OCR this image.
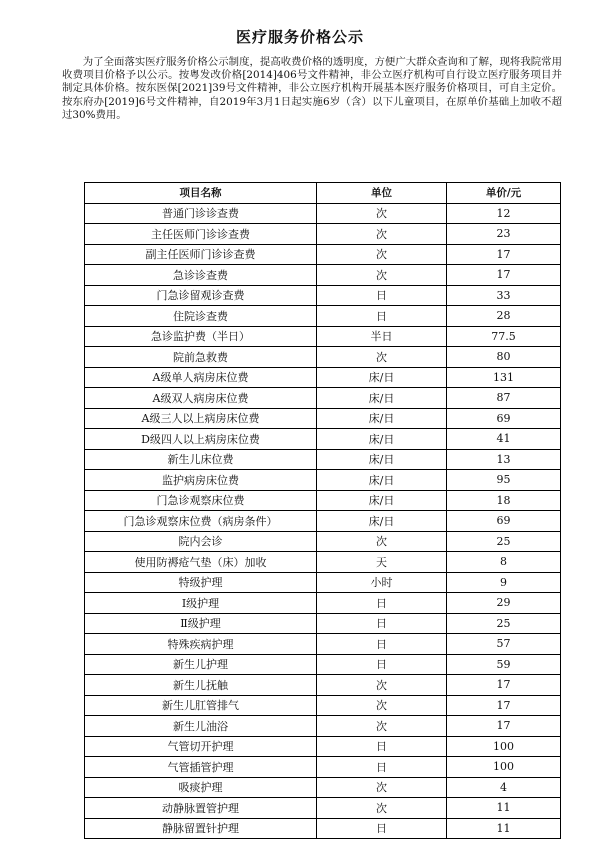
医疗服务价格公示

为了全面落实医疗服务价格公示制度，提高收费价格的透明度，方便广大群众查询和了解，现将我院常用收费项目价格予以公示。按粤发改价格[2014]406号文件精神，非公立医疗机构可自行设立医疗服务项目并制定具体价格。按东医保[2021]39号文件精神，非公立医疗机构开展基本医疗服务价格项目，可自主定价。按东府办[2019]6号文件精神，自2019年3月1日起实施6岁（含）以下儿童项目，在原单价基础上加收不超过30%费用。

项目名称	单位	单价/元
普通门诊诊查费	次	12
主任医师门诊诊查费	次	23
副主任医师门诊诊查费	次	17
急诊诊查费	次	17
门急诊留观诊查费	日	33
住院诊查费	日	28
急诊监护费（半日）	半日	77.5
院前急救费	次	80
A级单人病房床位费	床/日	131
A级双人病房床位费	床/日	87
A级三人以上病房床位费	床/日	69
D级四人以上病房床位费	床/日	41
新生儿床位费	床/日	13
监护病房床位费	床/日	95
门急诊观察床位费	床/日	18
门急诊观察床位费（病房条件）	床/日	69
院内会诊	次	25
使用防褥疮气垫（床）加收	天	8
特级护理	小时	9
Ⅰ级护理	日	29
Ⅱ级护理	日	25
特殊疾病护理	日	57
新生儿护理	日	59
新生儿抚触	次	17
新生儿肛管排气	次	17
新生儿油浴	次	17
气管切开护理	日	100
气管插管护理	日	100
吸痰护理	次	4
动静脉置管护理	次	11
静脉留置针护理	日	11
